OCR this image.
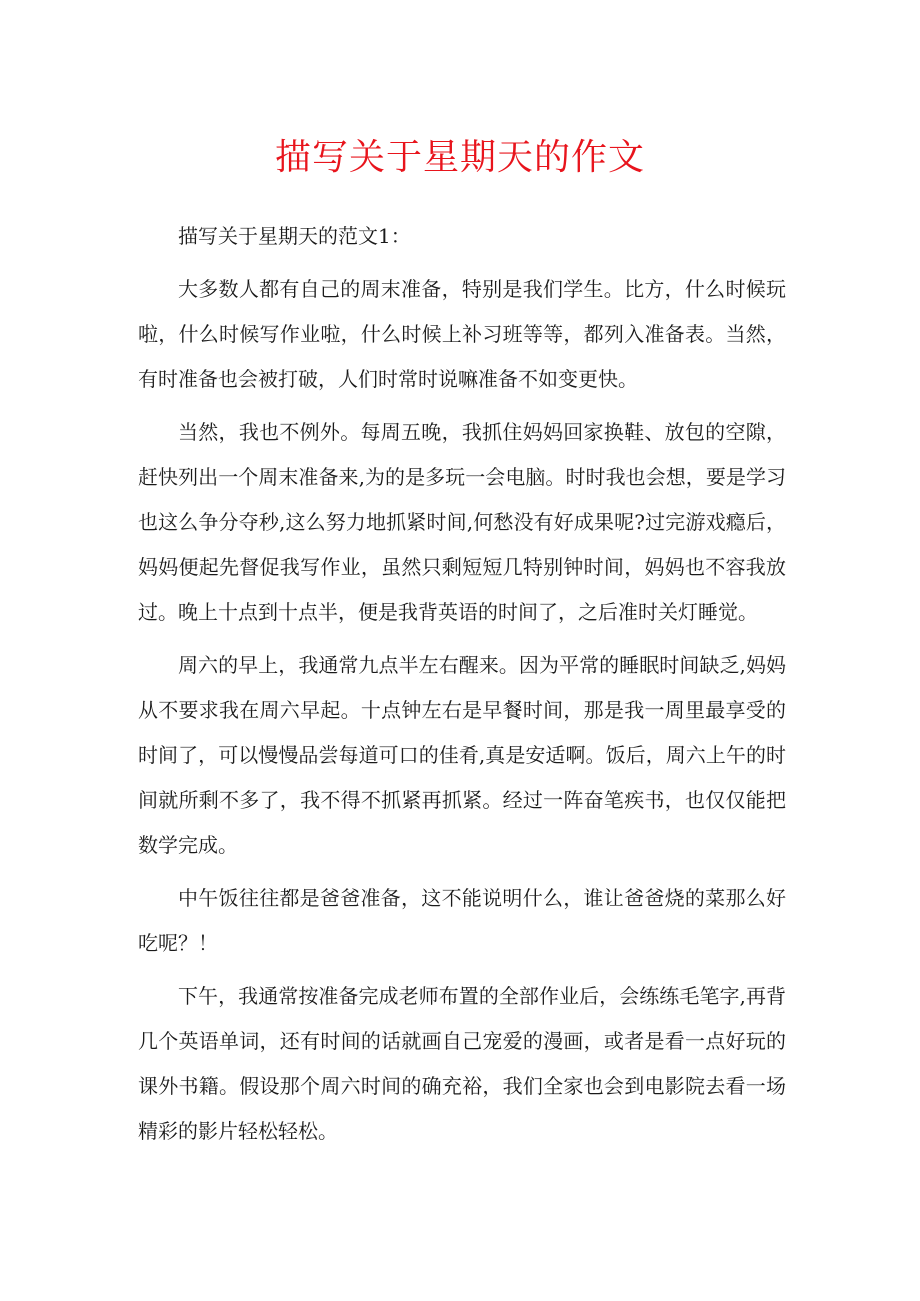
描写关于星期天的作文

描写关于星期天的范文1：

大多数人都有自己的周末准备，特别是我们学生。比方，什么时候玩啦，什么时候写作业啦，什么时候上补习班等等，都列入准备表。当然，有时准备也会被打破，人们时常时说嘛准备不如变更快。

当然，我也不例外。每周五晚，我抓住妈妈回家换鞋、放包的空隙，赶快列出一个周末准备来,为的是多玩一会电脑。时时我也会想，要是学习也这么争分夺秒,这么努力地抓紧时间,何愁没有好成果呢?过完游戏瘾后，妈妈便起先督促我写作业，虽然只剩短短几特别钟时间，妈妈也不容我放过。晚上十点到十点半，便是我背英语的时间了，之后准时关灯睡觉。

周六的早上，我通常九点半左右醒来。因为平常的睡眠时间缺乏,妈妈从不要求我在周六早起。十点钟左右是早餐时间，那是我一周里最享受的时间了，可以慢慢品尝每道可口的佳肴,真是安适啊。饭后，周六上午的时间就所剩不多了，我不得不抓紧再抓紧。经过一阵奋笔疾书，也仅仅能把数学完成。

中午饭往往都是爸爸准备，这不能说明什么，谁让爸爸烧的菜那么好吃呢？！

下午，我通常按准备完成老师布置的全部作业后，会练练毛笔字,再背几个英语单词，还有时间的话就画自己宠爱的漫画，或者是看一点好玩的课外书籍。假设那个周六时间的确充裕，我们全家也会到电影院去看一场精彩的影片轻松轻松。
